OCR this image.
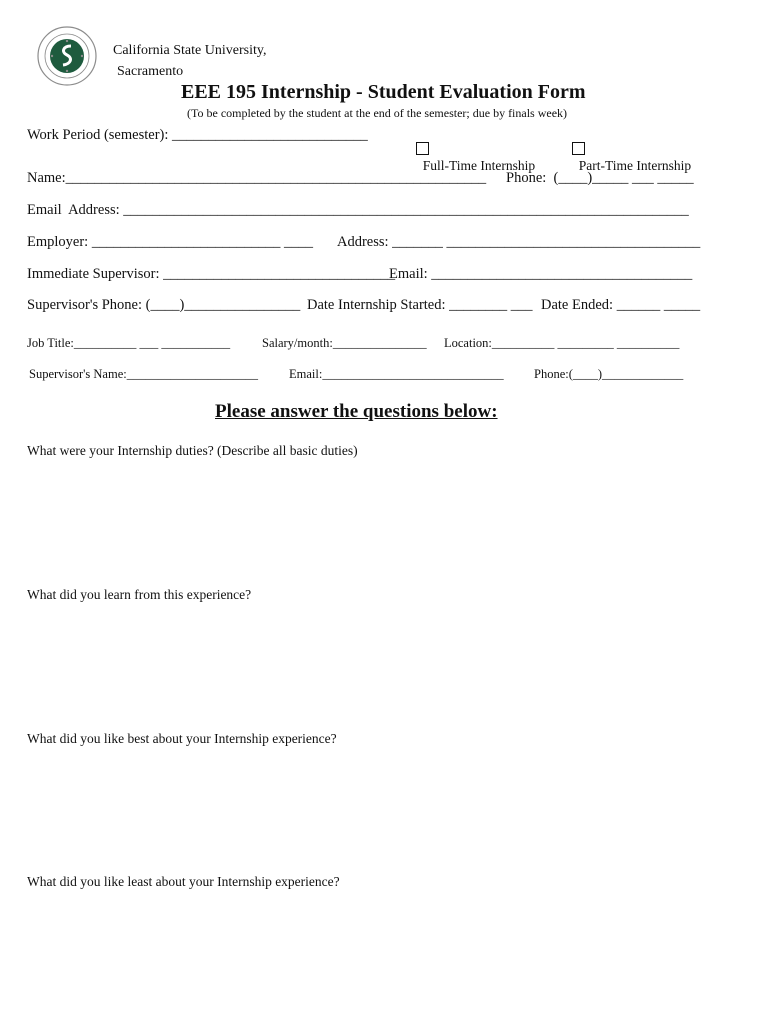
California State University,
Sacramento
EEE 195 Internship - Student Evaluation Form
(To be completed by the student at the end of the semester; due by finals week)
Work Period (semester): ___________________________

Full-Time Internship

	Part-Time Internship

Name:__________________________________________________________ Phone:  (____)_____ ___ _____
Email  Address: ______________________________________________________________________________
Employer: __________________________ ____ Address: _______ ___________________________________
Immediate Supervisor: ________________________________
Email: ____________________________________
Supervisor's Phone: (____)________________ Date Internship Started: ________ ___ Date Ended: ______ _____
Job Title:__________ ___ ___________	Salary/month:_______________ Location:__________ _________ __________
Supervisor's Name:_____________________ Email:_____________________________ Phone:(____)_____________
Please answer the questions below:
What were your Internship duties? (Describe all basic duties)
What did you learn from this experience?
What did you like best about your Internship experience?
What did you like least about your Internship experience?
